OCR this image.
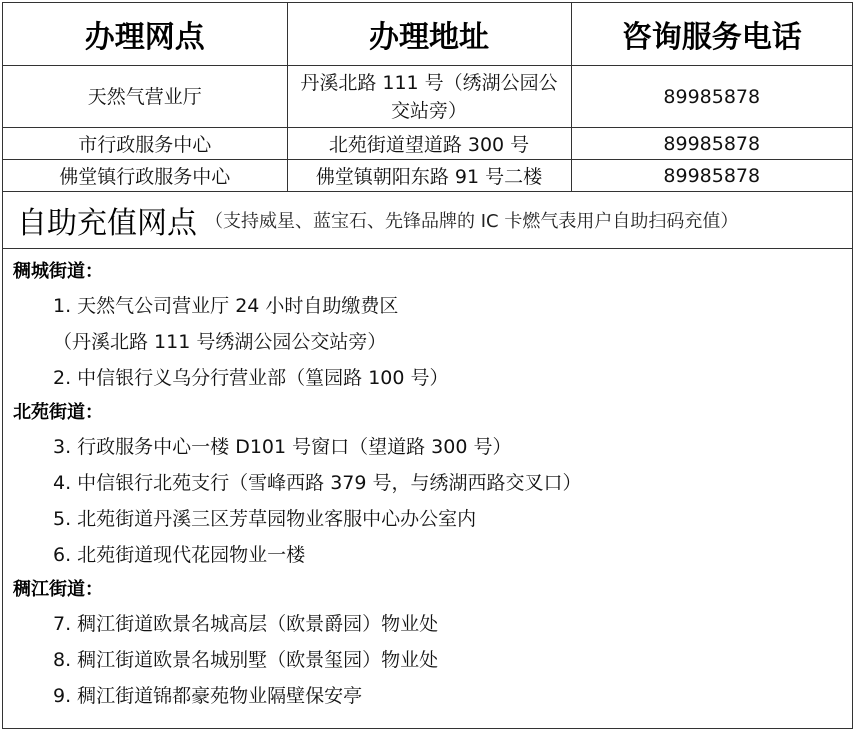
办理网点	办理地址	咨询服务电话
天然气营业厅	丹溪北路 111 号（绣湖公园公交站旁）	89985878
市行政服务中心	北苑街道望道路 300 号	89985878
佛堂镇行政服务中心	佛堂镇朝阳东路 91 号二楼	89985878
自助充值网点 （支持威星、蓝宝石、先锋品牌的 IC 卡燃气表用户自助扫码充值）
稠城街道：
1. 天然气公司营业厅 24 小时自助缴费区
（丹溪北路 111 号绣湖公园公交站旁）
2. 中信银行义乌分行营业部（篁园路 100 号）
北苑街道：
3. 行政服务中心一楼 D101 号窗口（望道路 300 号）
4. 中信银行北苑支行（雪峰西路 379 号，与绣湖西路交叉口）
5. 北苑街道丹溪三区芳草园物业客服中心办公室内
6. 北苑街道现代花园物业一楼
稠江街道：
7. 稠江街道欧景名城高层（欧景爵园）物业处
8. 稠江街道欧景名城别墅（欧景玺园）物业处
9. 稠江街道锦都豪苑物业隔壁保安亭
